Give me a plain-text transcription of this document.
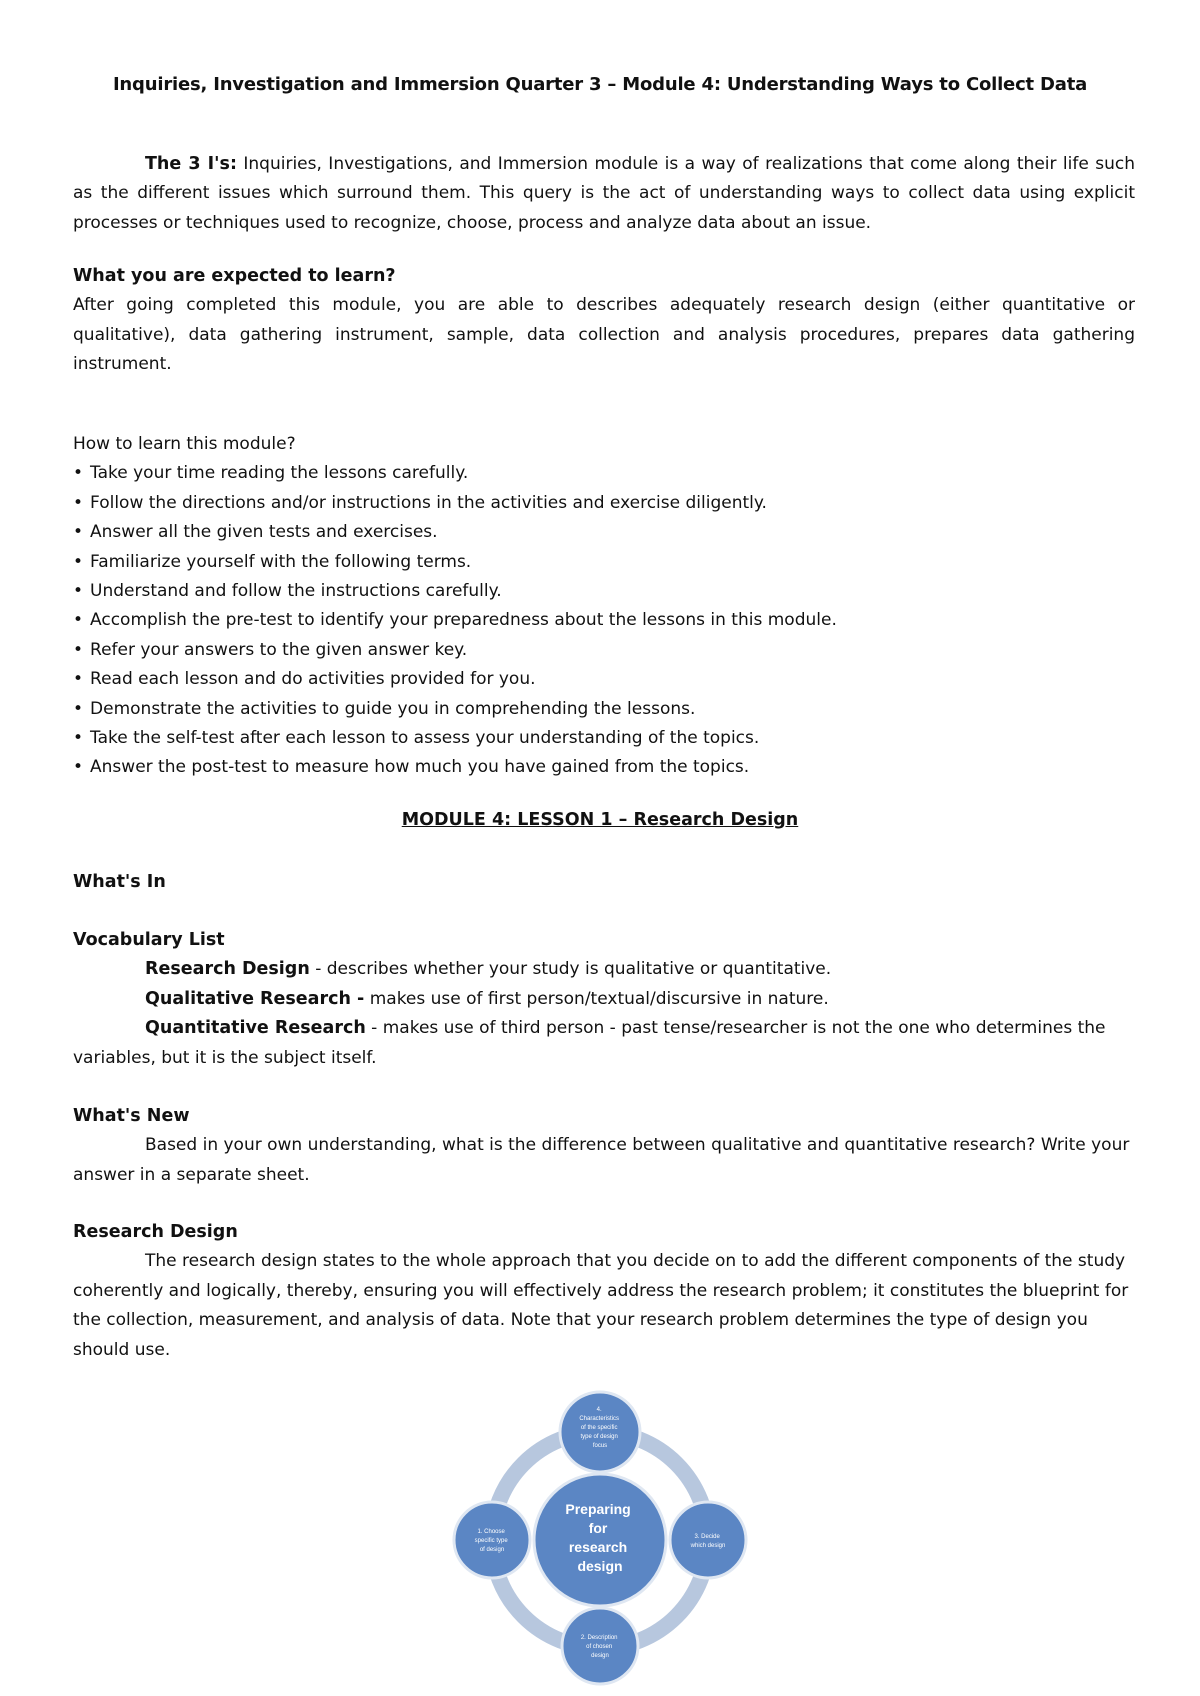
Inquiries, Investigation and Immersion Quarter 3 – Module 4: Understanding Ways to Collect Data
The 3 I's: Inquiries, Investigations, and Immersion module is a way of realizations that come along their life such as the different issues which surround them. This query is the act of understanding ways to collect data using explicit processes or techniques used to recognize, choose, process and analyze data about an issue.
What you are expected to learn?
After going completed this module, you are able to describes adequately research design (either quantitative or qualitative), data gathering instrument, sample, data collection and analysis procedures, prepares data gathering instrument.
How to learn this module?
• Take your time reading the lessons carefully.
• Follow the directions and/or instructions in the activities and exercise diligently.
• Answer all the given tests and exercises.
• Familiarize yourself with the following terms.
• Understand and follow the instructions carefully.
• Accomplish the pre-test to identify your preparedness about the lessons in this module.
• Refer your answers to the given answer key.
• Read each lesson and do activities provided for you.
• Demonstrate the activities to guide you in comprehending the lessons.
• Take the self-test after each lesson to assess your understanding of the topics.
• Answer the post-test to measure how much you have gained from the topics.
MODULE 4: LESSON 1 – Research Design
What's In
Vocabulary List
Research Design - describes whether your study is qualitative or quantitative.
Qualitative Research - makes use of first person/textual/discursive in nature.
Quantitative Research - makes use of third person - past tense/researcher is not the one who determines the variables, but it is the subject itself.
What's New
Based in your own understanding, what is the difference between qualitative and quantitative research? Write your answer in a separate sheet.
Research Design
The research design states to the whole approach that you decide on to add the different components of the study coherently and logically, thereby, ensuring you will effectively address the research problem; it constitutes the blueprint for the collection, measurement, and analysis of data. Note that your research problem determines the type of design you should use.
Preparing for research design
4. Characteristics of the specific type of design focus
3. Decide which design
2. Description of chosen design
1. Choose specific type of design
